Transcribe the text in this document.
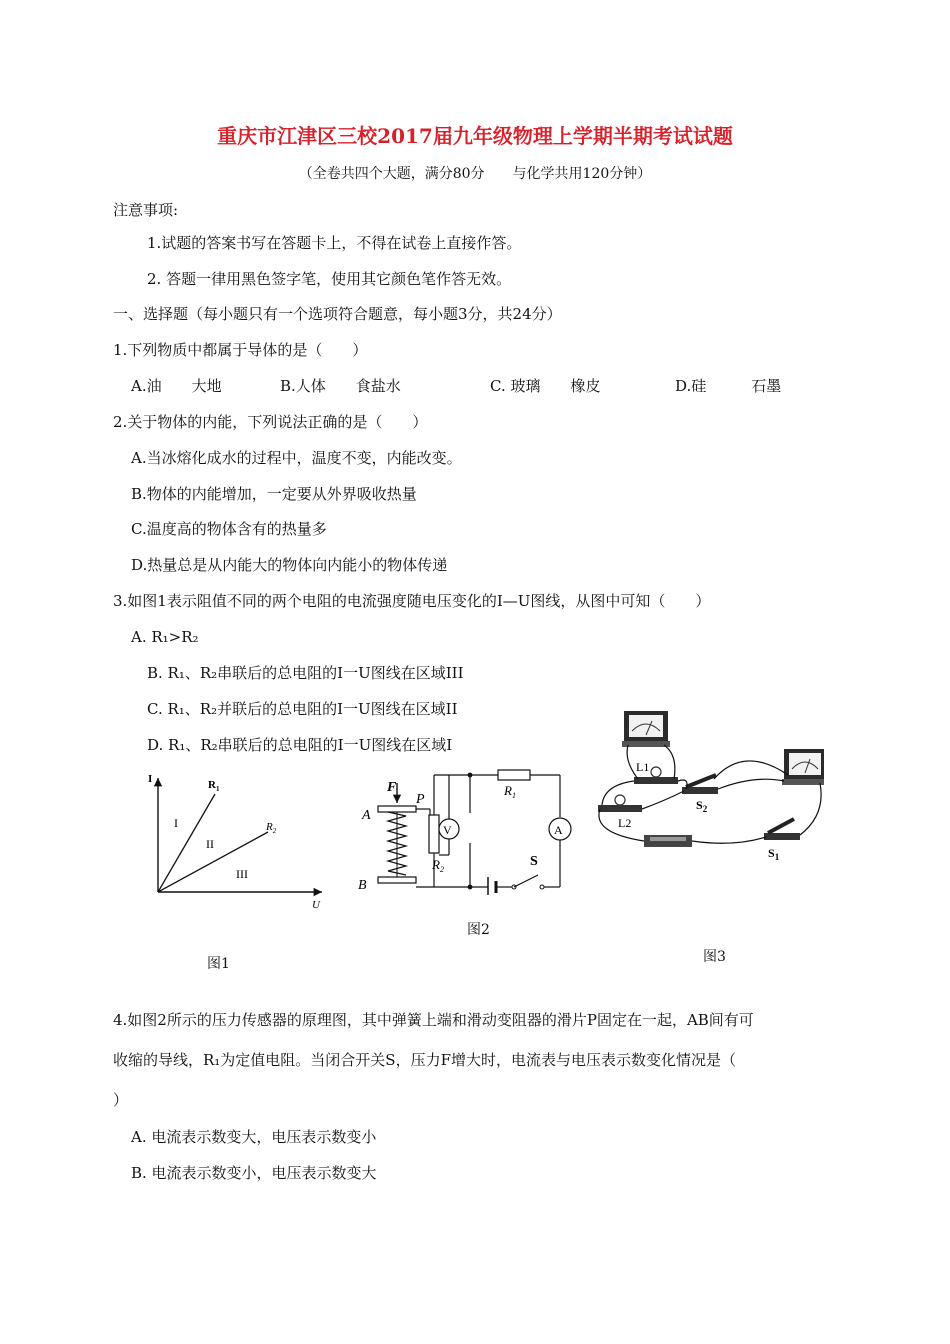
重庆市江津区三校2017届九年级物理上学期半期考试试题
（全卷共四个大题，满分80分　　与化学共用120分钟）
注意事项:
1.试题的答案书写在答题卡上，不得在试卷上直接作答。
2. 答题一律用黑色签字笔，使用其它颜色笔作答无效。
一、选择题（每小题只有一个选项符合题意，每小题3分，共24分）
1.下列物质中都属于导体的是（　　）
A.油　　大地	B.人体　　食盐水	C. 玻璃　　橡皮	D.硅　　　石墨
2.关于物体的内能，下列说法正确的是（　　）
A.当冰熔化成水的过程中，温度不变，内能改变。
B.物体的内能增加，一定要从外界吸收热量
C.温度高的物体含有的热量多
D.热量总是从内能大的物体向内能小的物体传递
3.如图1表示阻值不同的两个电阻的电流强度随电压变化的I—U图线，从图中可知（　　）
A. R₁>R₂
B. R₁、R₂串联后的总电阻的I一U图线在区域III
C. R₁、R₂并联后的总电阻的I一U图线在区域II
D. R₁、R₂串联后的总电阻的I一U图线在区域I
I
U
$R_1$
$R_2$
I
II
III
图1
V	A
F
A
B
P
$R_2$
$R_1$
S
图2
L1
L2
$S_2$
$S_1$
图3
4.如图2所示的压力传感器的原理图，其中弹簧上端和滑动变阻器的滑片P固定在一起，AB间有可
收缩的导线，R₁为定值电阻。当闭合开关S，压力F增大时，电流表与电压表示数变化情况是（
）
A. 电流表示数变大，电压表示数变小
B. 电流表示数变小，电压表示数变大
